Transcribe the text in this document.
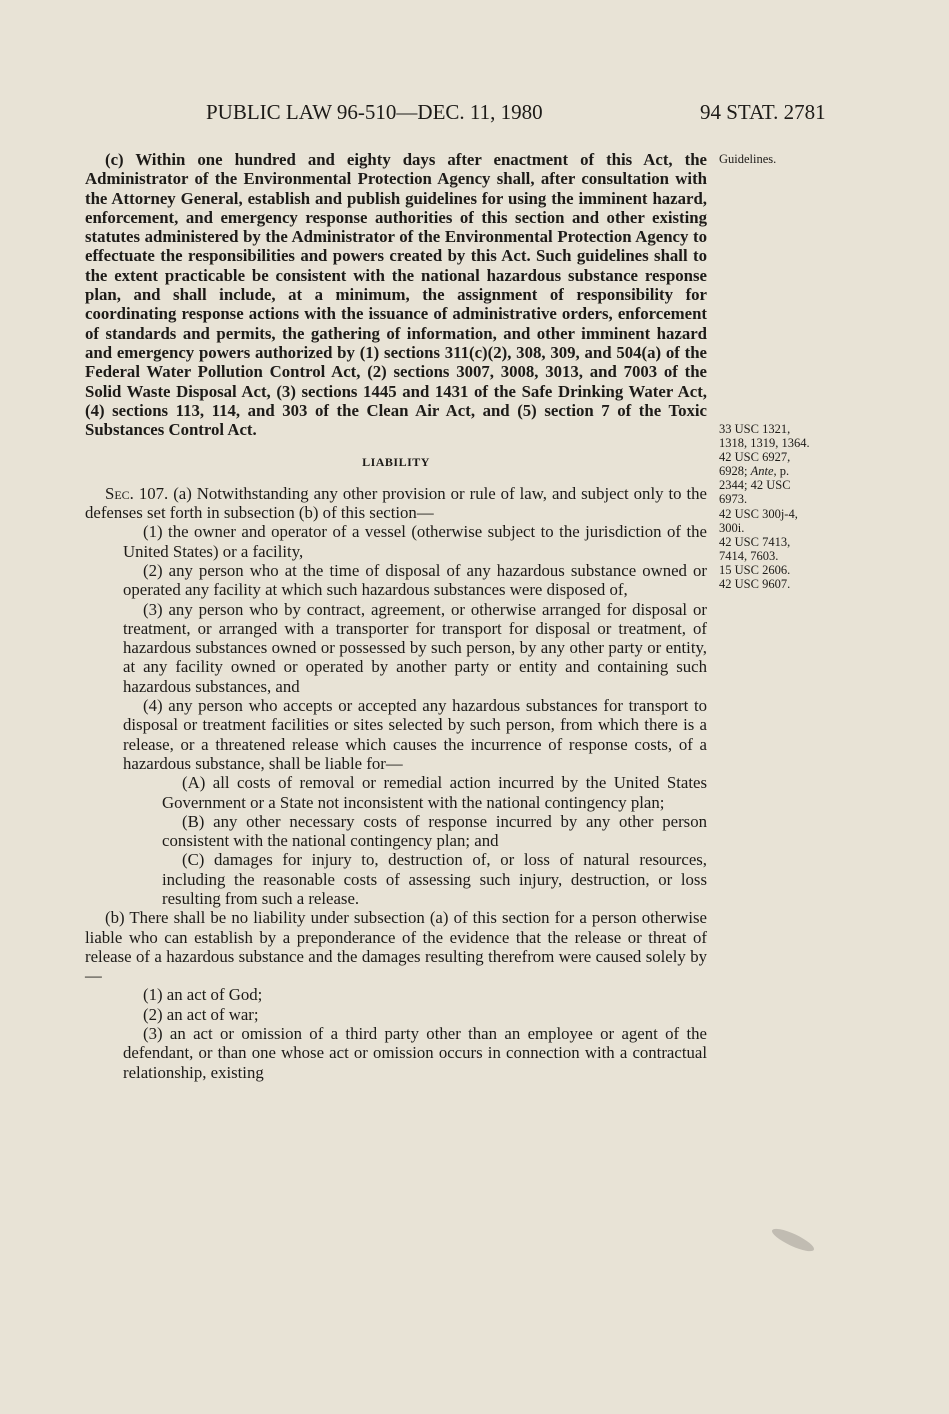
PUBLIC LAW 96-510—DEC. 11, 1980	94 STAT. 2781
Guidelines.
33 USC 1321,
1318, 1319, 1364.
42 USC 6927,
6928; Ante, p.
2344; 42 USC
6973.
42 USC 300j-4,
300i.
42 USC 7413,
7414, 7603.
15 USC 2606.
42 USC 9607.

(c) Within one hundred and eighty days after enactment of this Act, the Administrator of the Environmental Protection Agency shall, after consultation with the Attorney General, establish and publish guidelines for using the imminent hazard, enforcement, and emergency response authorities of this section and other existing statutes administered by the Administrator of the Environmental Protection Agency to effectuate the responsibilities and powers created by this Act. Such guidelines shall to the extent practicable be consistent with the national hazardous substance response plan, and shall include, at a minimum, the assignment of responsibility for coordinating response actions with the issuance of administrative orders, enforcement of standards and permits, the gathering of information, and other imminent hazard and emergency powers authorized by (1) sections 311(c)(2), 308, 309, and 504(a) of the Federal Water Pollution Control Act, (2) sections 3007, 3008, 3013, and 7003 of the Solid Waste Disposal Act, (3) sections 1445 and 1431 of the Safe Drinking Water Act, (4) sections 113, 114, and 303 of the Clean Air Act, and (5) section 7 of the Toxic Substances Control Act.

LIABILITY

Sec. 107. (a) Notwithstanding any other provision or rule of law, and subject only to the defenses set forth in subsection (b) of this section—

(1) the owner and operator of a vessel (otherwise subject to the jurisdiction of the United States) or a facility,

(2) any person who at the time of disposal of any hazardous substance owned or operated any facility at which such hazardous substances were disposed of,

(3) any person who by contract, agreement, or otherwise arranged for disposal or treatment, or arranged with a transporter for transport for disposal or treatment, of hazardous substances owned or possessed by such person, by any other party or entity, at any facility owned or operated by another party or entity and containing such hazardous substances, and

(4) any person who accepts or accepted any hazardous substances for transport to disposal or treatment facilities or sites selected by such person, from which there is a release, or a threatened release which causes the incurrence of response costs, of a hazardous substance, shall be liable for—

(A) all costs of removal or remedial action incurred by the United States Government or a State not inconsistent with the national contingency plan;

(B) any other necessary costs of response incurred by any other person consistent with the national contingency plan; and

(C) damages for injury to, destruction of, or loss of natural resources, including the reasonable costs of assessing such injury, destruction, or loss resulting from such a release.

(b) There shall be no liability under subsection (a) of this section for a person otherwise liable who can establish by a preponderance of the evidence that the release or threat of release of a hazardous substance and the damages resulting therefrom were caused solely by—

(1) an act of God;

(2) an act of war;

(3) an act or omission of a third party other than an employee or agent of the defendant, or than one whose act or omission occurs in connection with a contractual relationship, existing
